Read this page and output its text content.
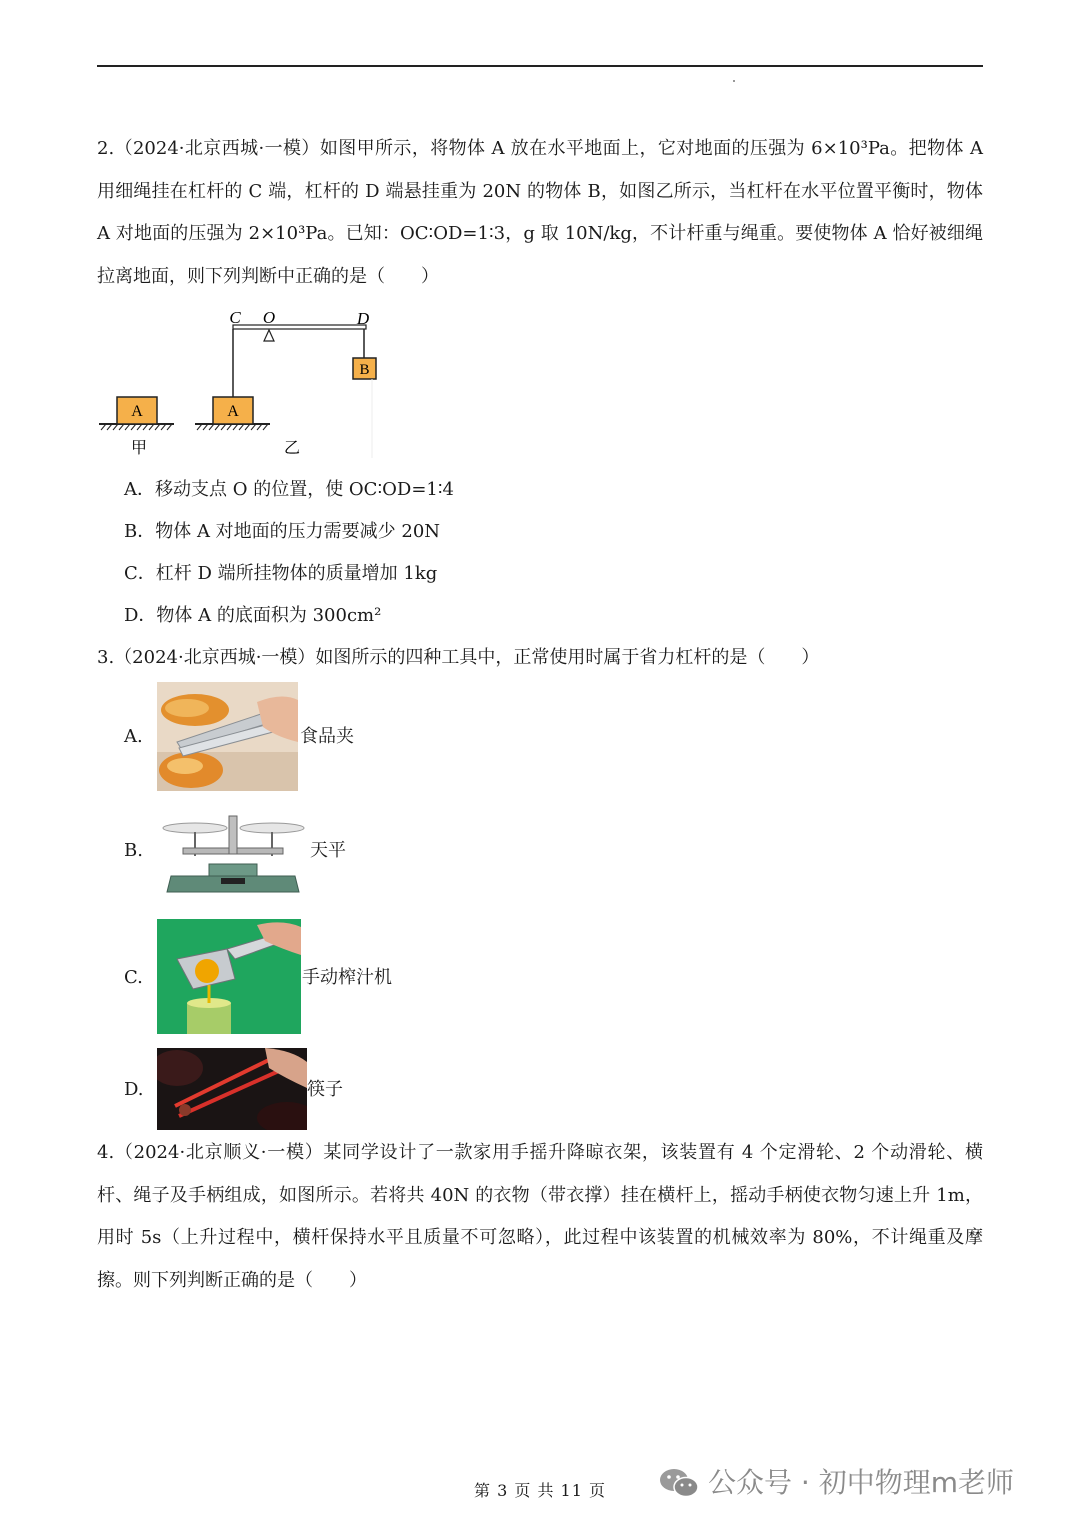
2.（2024·北京西城·一模）如图甲所示，将物体 A 放在水平地面上，它对地面的压强为 6×10³Pa。把物体 A 用细绳挂在杠杆的 C 端，杠杆的 D 端悬挂重为 20N 的物体 B，如图乙所示，当杠杆在水平位置平衡时，物体 A 对地面的压强为 2×10³Pa。已知：OC∶OD=1∶3，g 取 10N/kg，不计杆重与绳重。要使物体 A 恰好被细绳拉离地面，则下列判断中正确的是（　　）
A
甲
A
B
C O	D
乙
A．移动支点 O 的位置，使 OC∶OD=1∶4
B．物体 A 对地面的压力需要减少 20N
C．杠杆 D 端所挂物体的质量增加 1kg
D．物体 A 的底面积为 300cm²
3.（2024·北京西城·一模）如图所示的四种工具中，正常使用时属于省力杠杆的是（　　）
A.	食品夹
B.	天平
C.	手动榨汁机
D.	筷子
4.（2024·北京顺义·一模）某同学设计了一款家用手摇升降晾衣架，该装置有 4 个定滑轮、2 个动滑轮、横杆、绳子及手柄组成，如图所示。若将共 40N 的衣物（带衣撑）挂在横杆上，摇动手柄使衣物匀速上升 1m，用时 5s（上升过程中，横杆保持水平且质量不可忽略），此过程中该装置的机械效率为 80%，不计绳重及摩擦。则下列判断正确的是（　　）
第 3 页 共 11 页	公众号 · 初中物理m老师
